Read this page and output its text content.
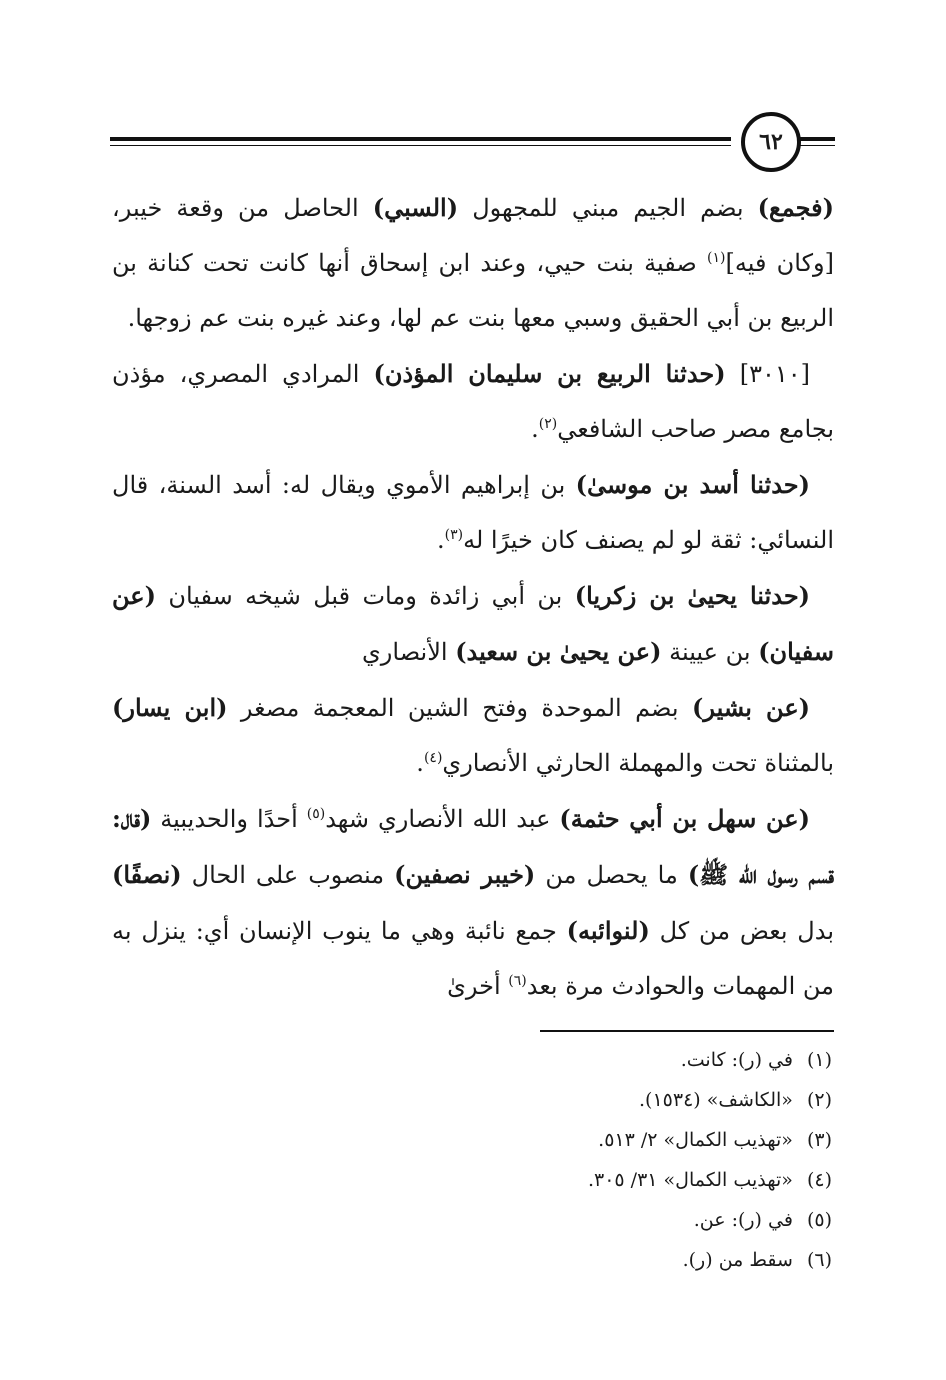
٦٢

(فجمع) بضم الجيم مبني للمجهول (السبي) الحاصل من وقعة خيبر، [وكان فيه]$^{(١)}$ صفية بنت حيي، وعند ابن إسحاق أنها كانت تحت كنانة بن الربيع بن أبي الحقيق وسبي معها بنت عم لها، وعند غيره بنت عم زوجها.

[٣٠١٠] (حدثنا الربيع بن سليمان المؤذن) المرادي المصري، مؤذن بجامع مصر صاحب الشافعي$^{(٢)}$.

(حدثنا أسد بن موسىٰ) بن إبراهيم الأموي ويقال له: أسد السنة، قال النسائي: ثقة لو لم يصنف كان خيرًا له$^{(٣)}$.

(حدثنا يحيىٰ بن زكريا) بن أبي زائدة ومات قبل شيخه سفيان (عن سفيان) بن عيينة (عن يحيىٰ بن سعيد) الأنصاري

(عن بشير) بضم الموحدة وفتح الشين المعجمة مصغر (ابن يسار) بالمثناة تحت والمهملة الحارثي الأنصاري$^{(٤)}$.

(عن سهل بن أبي حثمة) عبد الله الأنصاري شهد$^{(٥)}$ أحدًا والحديبية (قال: قسم رسول الله ﷺ) ما يحصل من (خيبر نصفين) منصوب على الحال (نصفًا) بدل بعض من كل (لنوائبه) جمع نائبة وهي ما ينوب الإنسان أي: ينزل به من المهمات والحوادث مرة بعد$^{(٦)}$ أخرىٰ

(١)في (ر): كانت.
(٢)«الكاشف» (١٥٣٤).
(٣)«تهذيب الكمال» ٢/ ٥١٣.
(٤)«تهذيب الكمال» ٣١/ ٣٠٥.
(٥)في (ر): عن.
(٦)سقط من (ر).
